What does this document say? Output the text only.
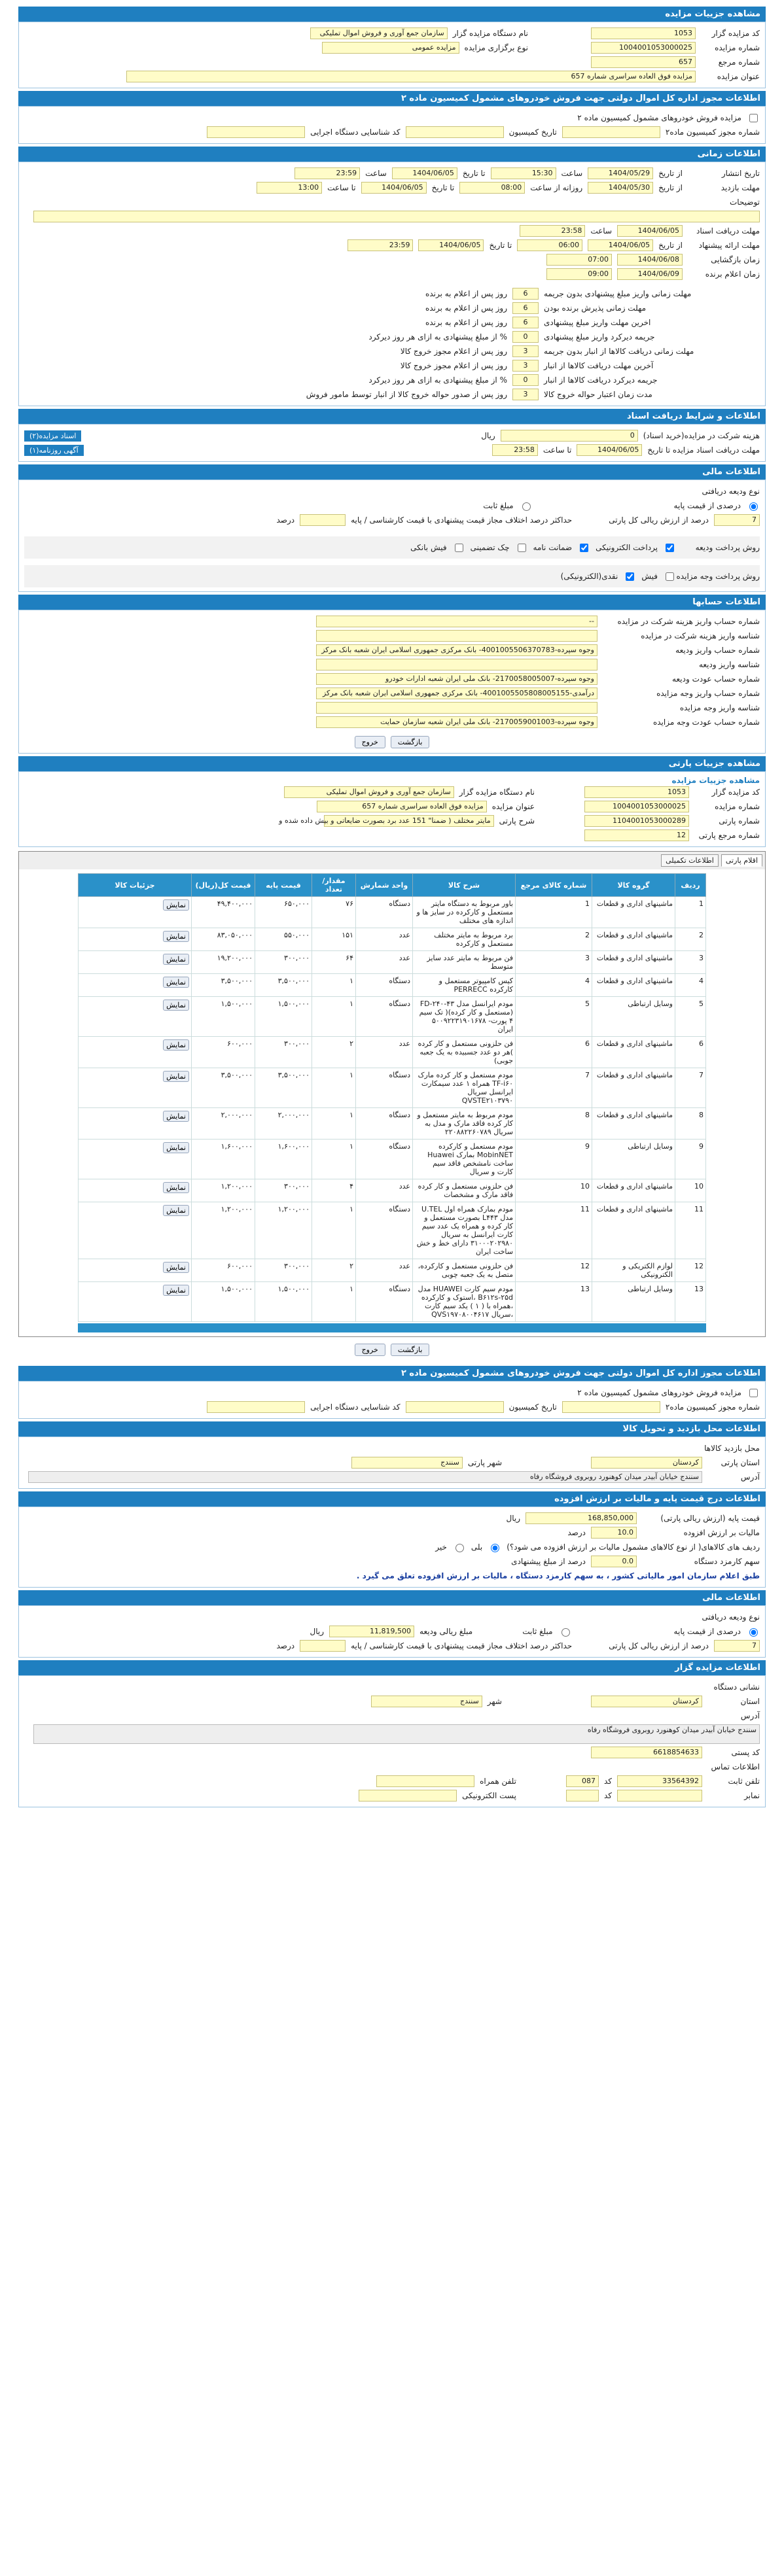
مشاهده جزییات مزایده
کد مزایده گزار
1053
نام دستگاه مزایده گزار
سازمان جمع آوری و فروش اموال تملیکی
شماره مزایده
1004001053000025
نوع برگزاری مزایده
مزایده عمومی
شماره مرجع
657
عنوان مزایده
مزایده فوق العاده سراسری شماره 657
اطلاعات مجوز اداره کل اموال دولتی جهت فروش خودروهای مشمول کمیسیون ماده ۲
مزایده فروش خودروهای مشمول کمیسیون ماده ۲
شماره مجوز کمیسیون ماده۲
تاریخ کمیسیون
کد شناسایی دستگاه اجرایی
اطلاعات زمانی
تاریخ انتشار
از تاریخ
1404/05/29
ساعت
15:30
تا تاریخ
1404/06/05
ساعت
23:59
مهلت بازدید
از تاریخ
1404/05/30
روزانه از ساعت
08:00
تا تاریخ
1404/06/05
تا ساعت
13:00
توضیحات
مهلت دریافت اسناد
1404/06/05
ساعت
23:58
مهلت ارائه پیشنهاد
از تاریخ
1404/06/05
06:00
تا تاریخ
1404/06/05
23:59
زمان بازگشایی
1404/06/08
07:00
زمان اعلام برنده
1404/06/09
09:00
مهلت زمانی واریز مبلغ پیشنهادی بدون جریمه
6
روز پس از اعلام به برنده
مهلت زمانی پذیرش برنده بودن
6
روز پس از اعلام به برنده
اخرین مهلت واریز مبلغ پیشنهادی
6
روز پس از اعلام به برنده
جریمه دیرکرد واریز مبلغ پیشنهادی
0
% از مبلغ پیشنهادی به ازای هر روز دیرکرد
مهلت زمانی دریافت کالاها از انبار بدون جریمه
3
روز پس از اعلام مجوز خروج کالا
آخرین مهلت دریافت کالاها از انبار
3
روز پس از اعلام مجوز خروج کالا
جریمه دیرکرد دریافت کالاها از انبار
0
% از مبلغ پیشنهادی به ازای هر روز دیرکرد
مدت زمان اعتبار حواله خروج کالا
3
روز پس از صدور حواله خروج کالا از انبار توسط مامور فروش
اطلاعات و شرایط دریافت اسناد
هزینه شرکت در مزایده(خرید اسناد)
0
ریال
اسناد مزایده(۲)
مهلت دریافت اسناد مزایده تا تاریخ
1404/06/05
تا ساعت
23:58
آگهی روزنامه(۱)
اطلاعات مالی
نوع ودیعه دریافتی
درصدی از قیمت پایه
مبلغ ثابت
7
درصد از ارزش ریالی کل پارتی
حداکثر درصد اختلاف مجاز قیمت پیشنهادی با قیمت کارشناسی / پایه
درصد
روش پرداخت ودیعه
پرداخت الکترونیکی
ضمانت نامه
چک تضمینی
فیش بانکی
روش پرداخت وجه مزایده
فیش
نقدی(الکترونیکی)
اطلاعات حسابها
شماره حساب واریز هزینه شرکت در مزایده
--
شناسه واریز هزینه شرکت در مزایده
شماره حساب واریز ودیعه
وجوه سپرده-4001005506370783- بانک مرکزی جمهوری اسلامی ایران شعبه بانک مرکز
شناسه واریز ودیعه
شماره حساب عودت ودیعه
وجوه سپرده-2170058005007- بانک ملی ایران شعبه ادارات خودرو
شماره حساب واریز وجه مزایده
درآمدی-4001005505808005155- بانک مرکزی جمهوری اسلامی ایران شعبه بانک مرکز
شناسه واریز وجه مزایده
شماره حساب عودت وجه مزایده
وجوه سپرده-2170059001003- بانک ملی ایران شعبه سازمان حمایت
بازگشت
خروج
مشاهده جزییات پارتی
مشاهده جزییات مزایده
کد مزایده گزار
1053
نام دستگاه مزایده گزار
سازمان جمع آوری و فروش اموال تملیکی
شماره مزایده
1004001053000025
عنوان مزایده
مزایده فوق العاده سراسری شماره 657
شماره پارتی
1104001053000289
شرح پارتی
مایتر مختلف ( ضمنا" 151 عدد برد بصورت ضایعاتی و بیش داده شده و
شماره مرجع پارتی
12
اقلام پارتی
اطلاعات تکمیلی
ردیف	گروه کالا	شماره کالای مرجع	شرح کالا	واحد شمارش	مقدار/ تعداد	قیمت پایه	قیمت کل(ریال)	جزئیات کالا
1	ماشینهای اداری و قطعات	1	باور مربوط به دستگاه مایتر مستعمل و کارکرده در سایز ها و اندازه های مختلف	دستگاه	۷۶	۶۵۰,۰۰۰	۴۹,۴۰۰,۰۰۰	نمایش
2	ماشینهای اداری و قطعات	2	برد مربوط به مایتر مختلف مستعمل و کارکرده	عدد	۱۵۱	۵۵۰,۰۰۰	۸۳,۰۵۰,۰۰۰	نمایش
3	ماشینهای اداری و قطعات	3	فن مربوط به مایتر عدد سایز متوسط	عدد	۶۴	۳۰۰,۰۰۰	۱۹,۲۰۰,۰۰۰	نمایش
4	ماشینهای اداری و قطعات	4	کیس کامپیوتر مستعمل و کارکرده PERRECC	دستگاه	۱	۳,۵۰۰,۰۰۰	۳,۵۰۰,۰۰۰	نمایش
5	وسایل ارتباطی	5	مودم ایرانسل مدل FD-۲۴۰-۴۳ (مستعمل و کار کرده)( تک سیم ۴ پورت- ۵۰۰۹۲۲۳۱۹۰۱۶۷۸ ایران	دستگاه	۱	۱,۵۰۰,۰۰۰	۱,۵۰۰,۰۰۰	نمایش
6	ماشینهای اداری و قطعات	6	فن حلزونی مستعمل و کار کرده )هر دو عدد جسبیده به یک جعبه جوبی)	عدد	۲	۳۰۰,۰۰۰	۶۰۰,۰۰۰	نمایش
7	ماشینهای اداری و قطعات	7	مودم مستعمل و کار کرده مارک TF-i۶۰ همراه ۱ عدد سیمکارت ایرانسل سریال QVSTE۲۱۰۳۷۹۰	دستگاه	۱	۳,۵۰۰,۰۰۰	۳,۵۰۰,۰۰۰	نمایش
8	ماشینهای اداری و قطعات	8	مودم مربوط به مایتر مستعمل و کار کرده فاقد مارک و مدل به سریال ۲۲۰۸۸۲۲۶۰۷۸۹	دستگاه	۱	۲,۰۰۰,۰۰۰	۲,۰۰۰,۰۰۰	نمایش
9	وسایل ارتباطی	9	مودم مستعمل و کارکرده MobinNET بمارک Huawei ساخت نامشخص فاقد سیم کارت و سریال	دستگاه	۱	۱,۶۰۰,۰۰۰	۱,۶۰۰,۰۰۰	نمایش
10	ماشینهای اداری و قطعات	10	فن حلزونی مستعمل و کار کرده فاقد مارک و مشخصات	عدد	۴	۳۰۰,۰۰۰	۱,۲۰۰,۰۰۰	نمایش
11	ماشینهای اداری و قطعات	11	مودم بمارک همراه اول U.TEL مدل L۴۴۳ بصورت مستعمل و کار کرده و همراه یک عدد سیم کارت ایرانسل به سریال ۳۱۰۰۰۲۰۲۹۸۰ دارای خط و خش ساخت ایران	دستگاه	۱	۱,۲۰۰,۰۰۰	۱,۲۰۰,۰۰۰	نمایش
12	لوازم الکتریکی و الکترونیکی	12	فن حلزونی مستعمل و کارکرده، متصل به یک جعبه چوبی	عدد	۲	۳۰۰,۰۰۰	۶۰۰,۰۰۰	نمایش
13	وسایل ارتباطی	13	مودم سیم کارت HUAWEI مدل B۶۱۲s-۲۵d ،استوک و کارکرده ،همراه با ( ۱ ) یکد سیم کارت ،سریال QVS۱۹۷۰۸۰۰۴۶۱۷	دستگاه	۱	۱,۵۰۰,۰۰۰	۱,۵۰۰,۰۰۰	نمایش
بازگشت
خروج
اطلاعات مجوز اداره کل اموال دولتی جهت فروش خودروهای مشمول کمیسیون ماده ۲
مزایده فروش خودروهای مشمول کمیسیون ماده ۲
شماره مجوز کمیسیون ماده۲
تاریخ کمیسیون
کد شناسایی دستگاه اجرایی
اطلاعات محل بازدید و تحویل کالا
محل بازدید کالاها
استان پارتی
کردستان
شهر پارتی
سنندج
آدرس
سنندج خیابان آبیدر میدان کوهنورد روبروی فروشگاه رفاه
اطلاعات درج قیمت پایه و مالیات بر ارزش افزوده
قیمت پایه (ارزش ریالی پارتی)
168,850,000
ریال
مالیات بر ارزش افزوده
10.0
درصد
ردیف های کالاهای( از نوع کالاهای مشمول مالیات بر ارزش افزوده می شود؟)
بلی
خیر
سهم کارمزد دستگاه
0.0
درصد از مبلغ پیشنهادی
طبق اعلام سازمان امور مالیاتی کشور ، به سهم کارمزد دستگاه ، مالیات بر ارزش افزوده تعلق می گیرد .
اطلاعات مالی
نوع ودیعه دریافتی
درصدی از قیمت پایه
مبلغ ثابت
مبلغ ریالی ودیعه
11,819,500
ریال
7
درصد از ارزش ریالی کل پارتی
حداکثر درصد اختلاف مجاز قیمت پیشنهادی با قیمت کارشناسی / پایه
درصد
اطلاعات مزایده گزار
نشانی دستگاه
استان
کردستان
شهر
سنندج
آدرس
سنندج خیابان آبیدر میدان کوهنورد روبروی فروشگاه رفاه
کد پستی
6618854633
اطلاعات تماس
تلفن ثابت
33564392
کد
087
تلفن همراه
نمابر
کد
پست الکترونیکی
